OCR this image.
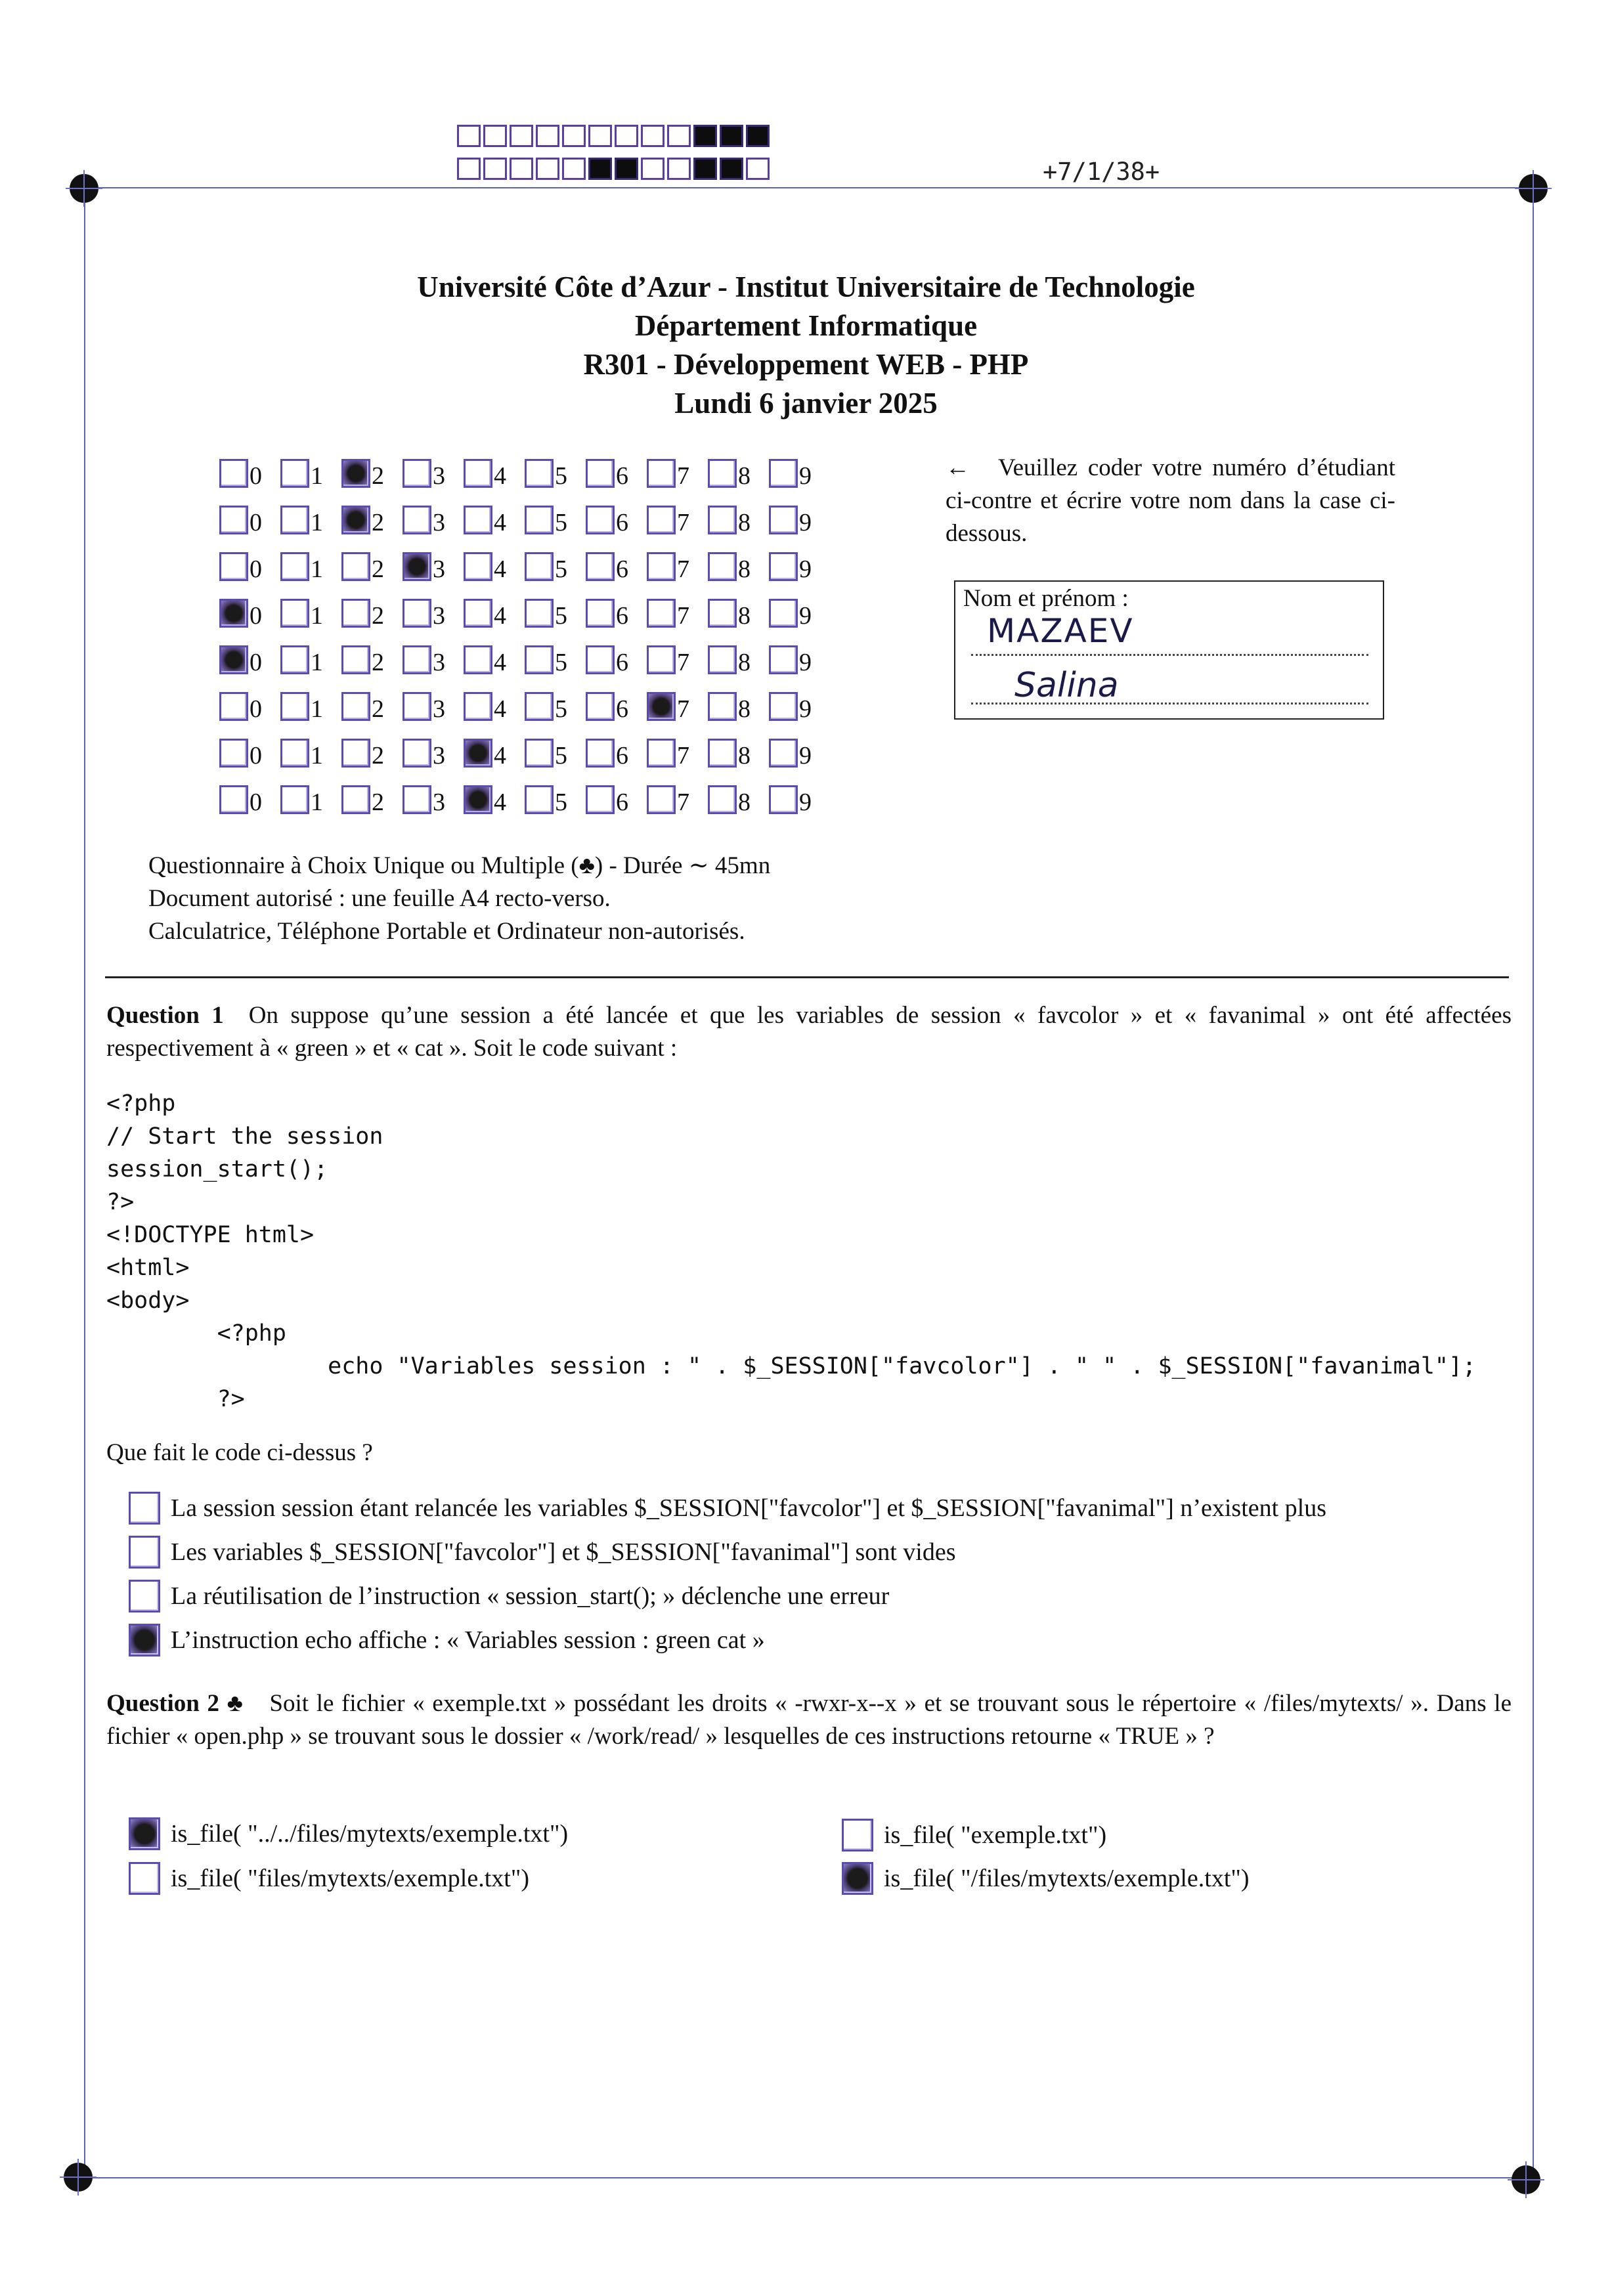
+7/1/38+
Université Côte d’Azur - Institut Universitaire de Technologie
Département Informatique
R301 - Développement WEB - PHP
Lundi 6 janvier 2025
0 1 2 3 4 5 6 7 8 9
0 1 2 3 4 5 6 7 8 9
0 1 2 3 4 5 6 7 8 9
0 1 2 3 4 5 6 7 8 9
0 1 2 3 4 5 6 7 8 9
0 1 2 3 4 5 6 7 8 9
0 1 2 3 4 5 6 7 8 9
0 1 2 3 4 5 6 7 8 9
← Veuillez coder votre numéro d’étudiant ci-contre et écrire votre nom dans la case ci-dessous.
Nom et prénom :
MAZAEV
Salina
Questionnaire à Choix Unique ou Multiple (♣) - Durée ∼ 45mn
Document autorisé : une feuille A4 recto-verso.
Calculatrice, Téléphone Portable et Ordinateur non-autorisés.
Question 1 On suppose qu’une session a été lancée et que les variables de session « favcolor » et « favanimal » ont été affectées respectivement à « green » et « cat ». Soit le code suivant :
<?php
// Start the session
session_start();
?>
<!DOCTYPE html>
<html>
<body>
<?php
echo "Variables session : " . $_SESSION["favcolor"] . " " . $_SESSION["favanimal"];
?>
Que fait le code ci-dessus ?
La session session étant relancée les variables $_SESSION["favcolor"] et $_SESSION["favanimal"] n’existent plus
Les variables $_SESSION["favcolor"] et $_SESSION["favanimal"] sont vides
La réutilisation de l’instruction « session_start(); » déclenche une erreur
L’instruction echo affiche : « Variables session : green cat »
Question 2 ♣ Soit le fichier « exemple.txt » possédant les droits « -rwxr-x--x » et se trouvant sous le répertoire « /files/mytexts/ ». Dans le fichier « open.php » se trouvant sous le dossier « /work/read/ » lesquelles de ces instructions retourne « TRUE » ?
is_file( "../../files/mytexts/exemple.txt")
is_file( "files/mytexts/exemple.txt")
is_file( "exemple.txt")
is_file( "/files/mytexts/exemple.txt")
